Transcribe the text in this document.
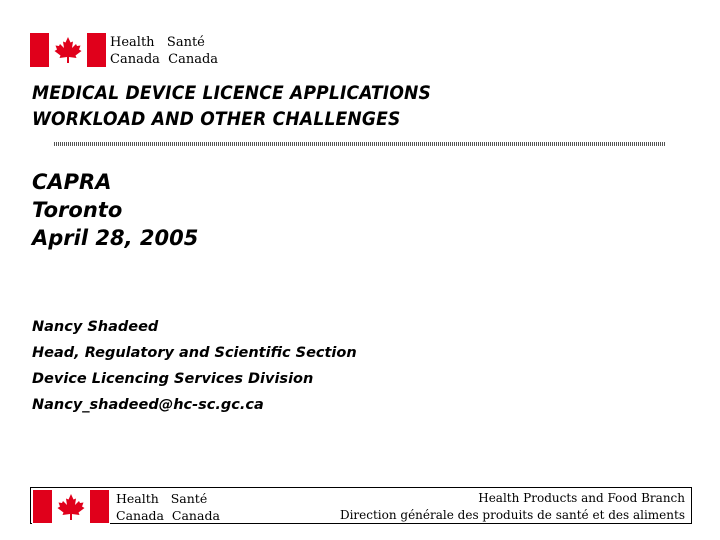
Health   Santé
Canada  Canada
MEDICAL DEVICE LICENCE APPLICATIONS
WORKLOAD AND OTHER CHALLENGES
CAPRA
Toronto
April 28, 2005
Nancy Shadeed
Head, Regulatory and Scientific Section
Device Licencing Services Division
Nancy_shadeed@hc-sc.gc.ca
Health   Santé
Canada  Canada
Health Products and Food Branch
Direction générale des produits de santé et des aliments
